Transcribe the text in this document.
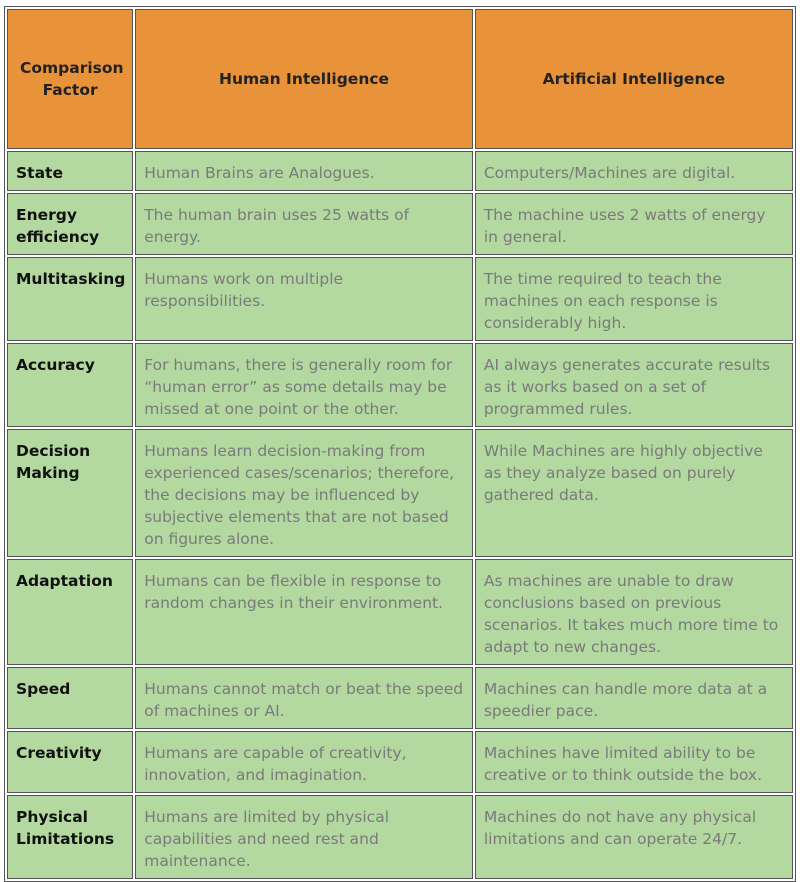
Comparison Factor	Human Intelligence	Artificial Intelligence
State	Human Brains are Analogues.	Computers/Machines are digital.
Energy efficiency	The human brain uses 25 watts of energy.	The machine uses 2 watts of energy in general.
Multitasking	Humans work on multiple responsibilities.	The time required to teach the machines on each response is considerably high.
Accuracy	For humans, there is generally room for “human error” as some details may be missed at one point or the other.	AI always generates accurate results as it works based on a set of programmed rules.
Decision Making	Humans learn decision-making from experienced cases/scenarios; therefore, the decisions may be influenced by subjective elements that are not based on figures alone.	While Machines are highly objective as they analyze based on purely gathered data.
Adaptation	Humans can be flexible in response to random changes in their environment.	As machines are unable to draw conclusions based on previous scenarios. It takes much more time to adapt to new changes.
Speed	Humans cannot match or beat the speed of machines or AI.	Machines can handle more data at a speedier pace.
Creativity	Humans are capable of creativity, innovation, and imagination.	Machines have limited ability to be creative or to think outside the box.
Physical Limitations	Humans are limited by physical capabilities and need rest and maintenance.	Machines do not have any physical limitations and can operate 24/7.
